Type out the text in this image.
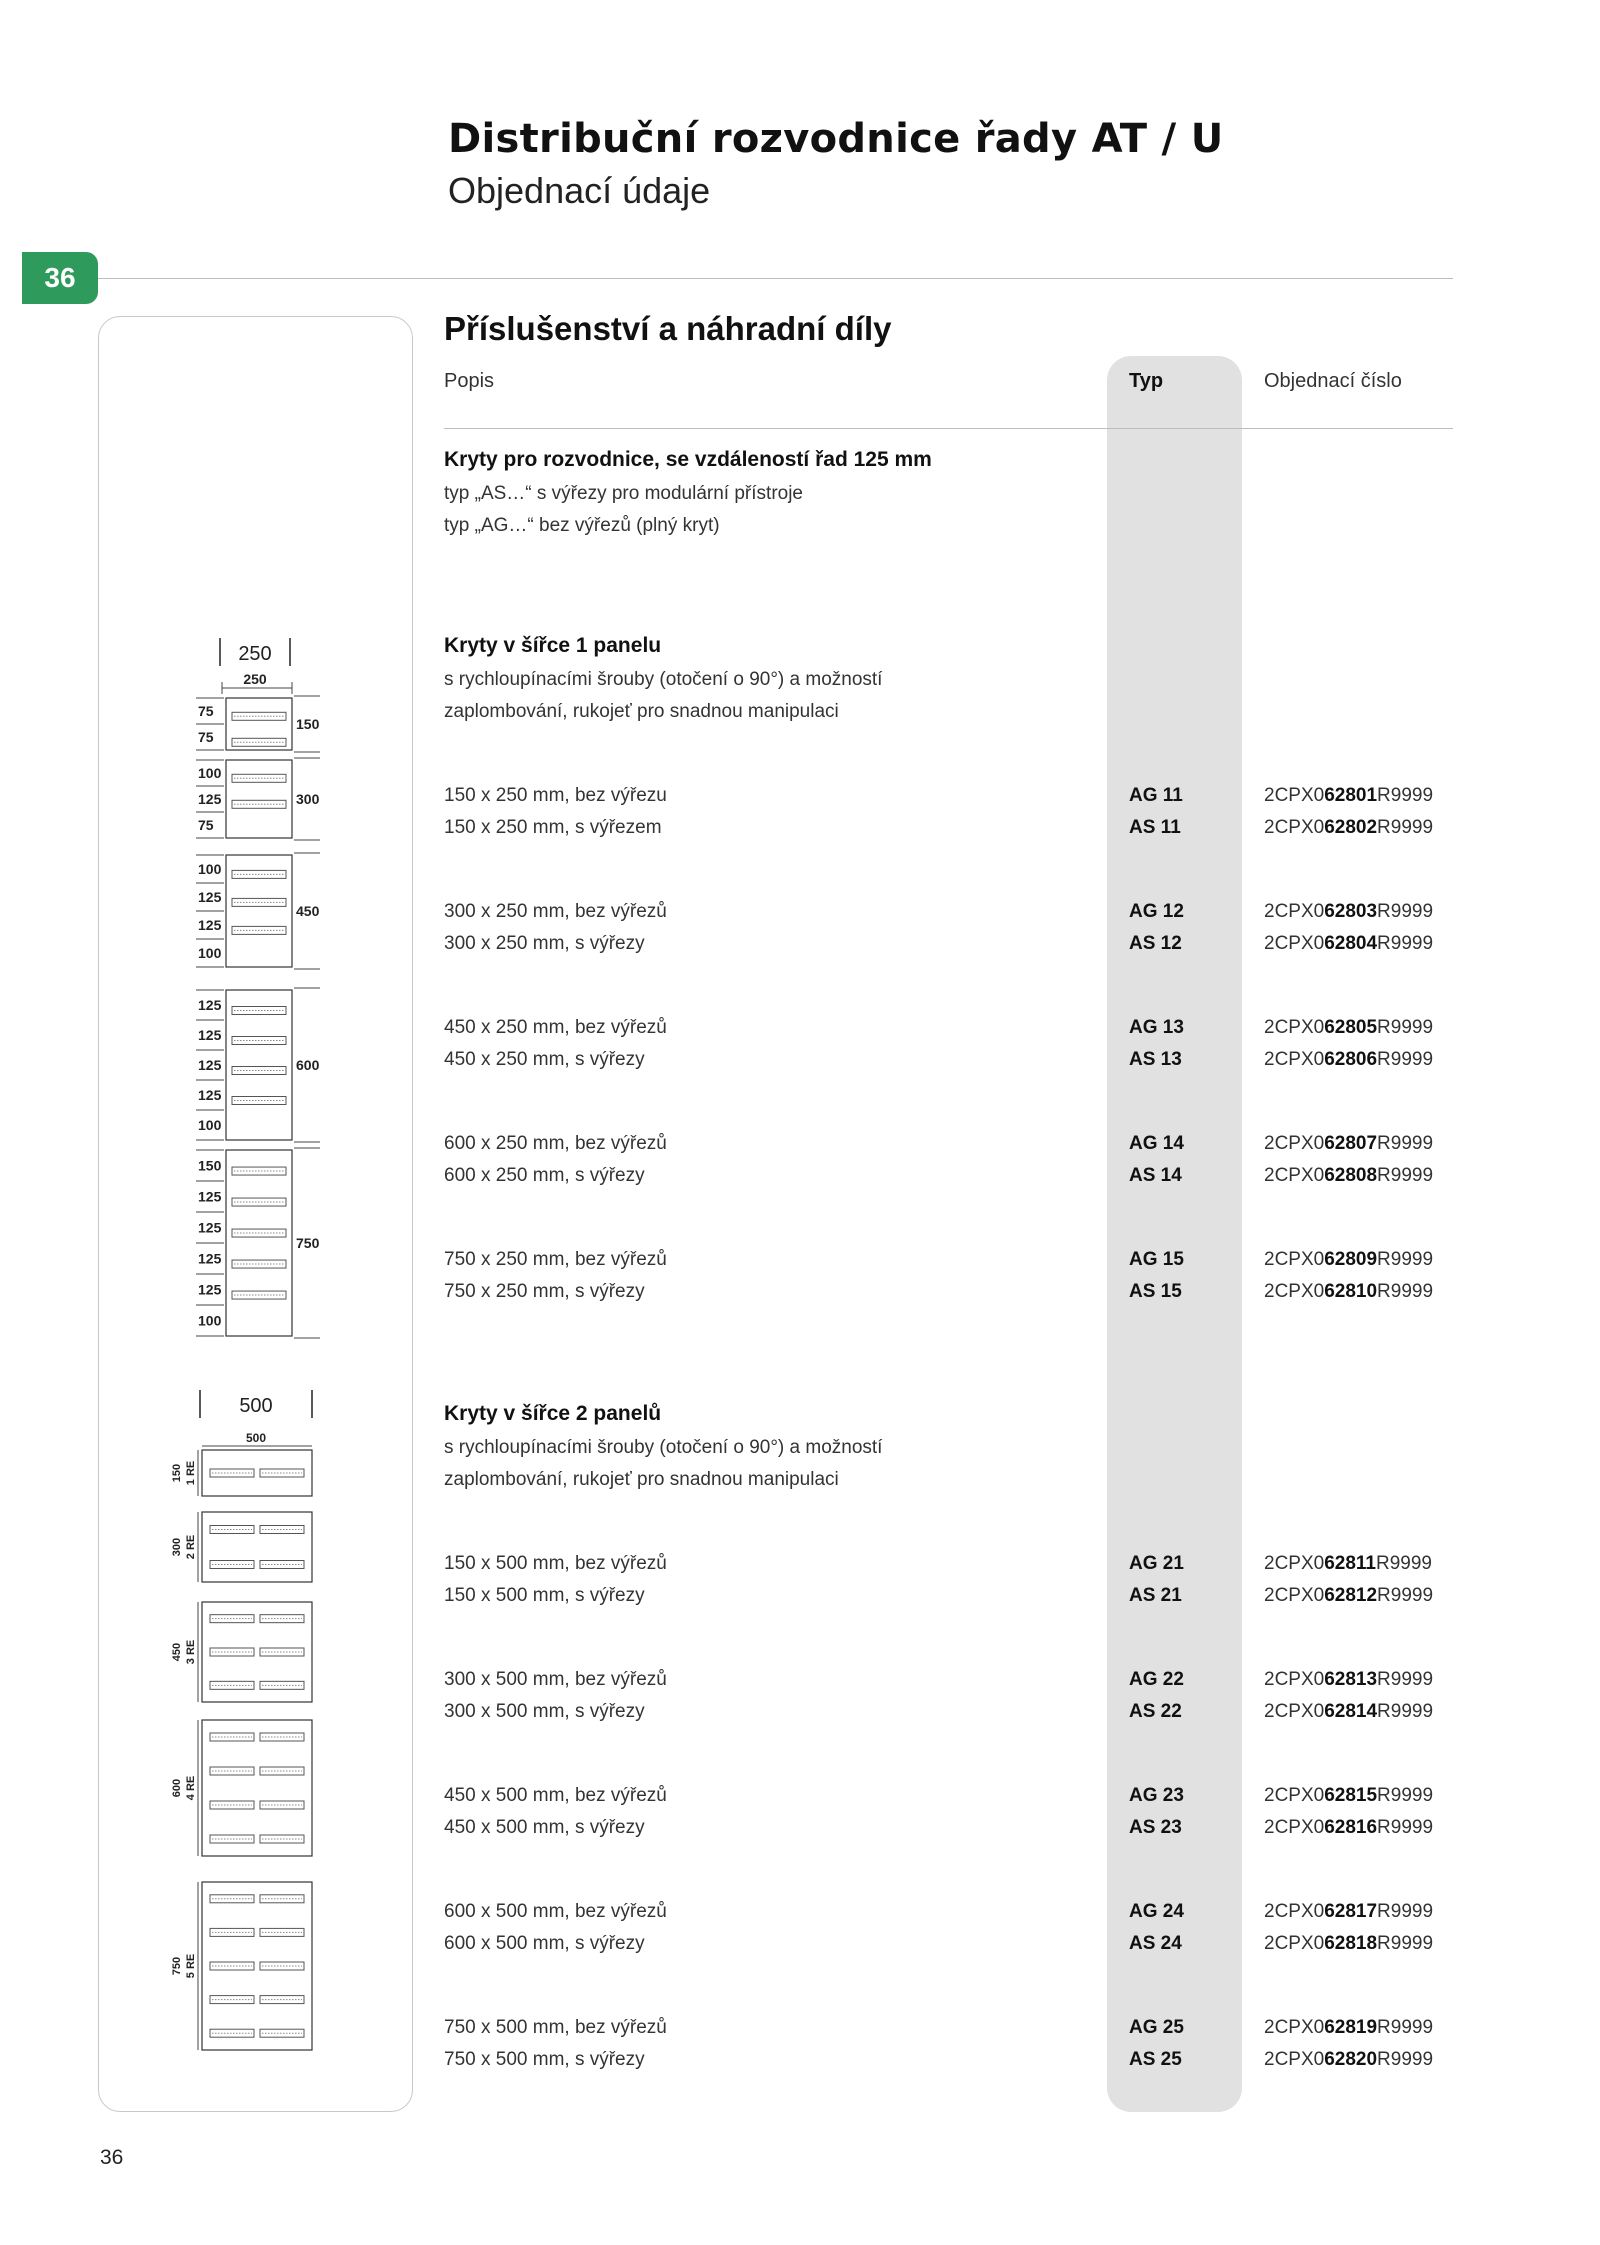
Distribuční rozvodnice řady AT / U
Objednací údaje
36
Příslušenství a náhradní díly
Popis	Typ	Objednací číslo
Kryty pro rozvodnice, se vzdáleností řad 125 mm
typ „AS…“ s výřezy pro modulární přístroje
typ „AG…“ bez výřezů (plný kryt)
Kryty v šířce 1 panelu
s rychloupínacími šrouby (otočení o 90°) a možností
zaplombování, rukojeť pro snadnou manipulaci
150 x 250 mm, bez výřezu	AG 11	2CPX062801R9999
150 x 250 mm, s výřezem	AS 11	2CPX062802R9999
300 x 250 mm, bez výřezů	AG 12	2CPX062803R9999
300 x 250 mm, s výřezy	AS 12	2CPX062804R9999
450 x 250 mm, bez výřezů	AG 13	2CPX062805R9999
450 x 250 mm, s výřezy	AS 13	2CPX062806R9999
600 x 250 mm, bez výřezů	AG 14	2CPX062807R9999
600 x 250 mm, s výřezy	AS 14	2CPX062808R9999
750 x 250 mm, bez výřezů	AG 15	2CPX062809R9999
750 x 250 mm, s výřezy	AS 15	2CPX062810R9999
Kryty v šířce 2 panelů
s rychloupínacími šrouby (otočení o 90°) a možností
zaplombování, rukojeť pro snadnou manipulaci
150 x 500 mm, bez výřezů	AG 21	2CPX062811R9999
150 x 500 mm, s výřezy	AS 21	2CPX062812R9999
300 x 500 mm, bez výřezů	AG 22	2CPX062813R9999
300 x 500 mm, s výřezy	AS 22	2CPX062814R9999
450 x 500 mm, bez výřezů	AG 23	2CPX062815R9999
450 x 500 mm, s výřezy	AS 23	2CPX062816R9999
600 x 500 mm, bez výřezů	AG 24	2CPX062817R9999
600 x 500 mm, s výřezy	AS 24	2CPX062818R9999
750 x 500 mm, bez výřezů	AG 25	2CPX062819R9999
750 x 500 mm, s výřezy	AS 25	2CPX062820R9999
250
250
150
75
75
300
100
125
75
450
100
125
125
100
600
125
125
125
125
100
750
150
125
125
125
125
100
500
500
150 1 RE
300 2 RE
450 3 RE
600 4 RE
750 5 RE
36
